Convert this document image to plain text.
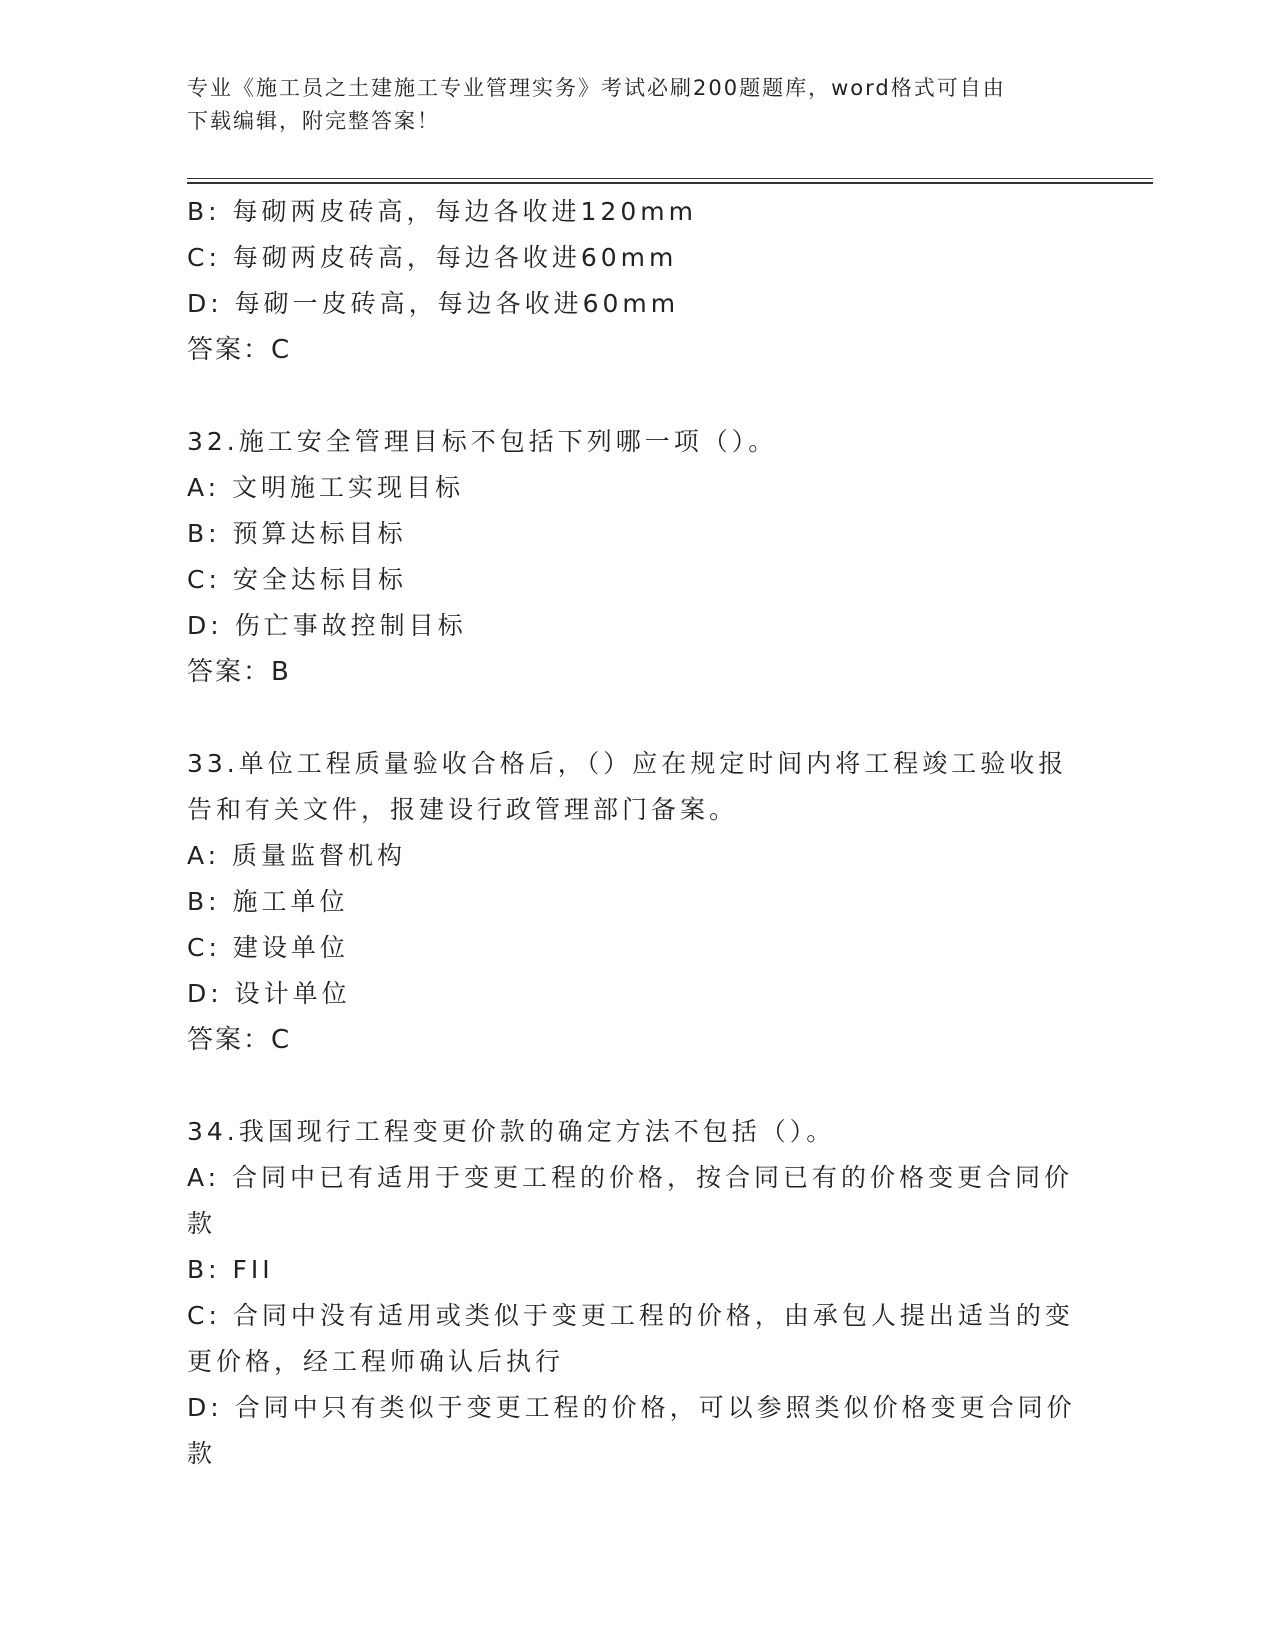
专业《施工员之土建施工专业管理实务》考试必刷200题题库，word格式可自由
下载编辑，附完整答案！
B: 每砌两皮砖高，每边各收进120mm
C: 每砌两皮砖高，每边各收进60mm
D: 每砌一皮砖高，每边各收进60mm
答案：C
32.施工安全管理目标不包括下列哪一项（）。
A: 文明施工实现目标
B: 预算达标目标
C: 安全达标目标
D: 伤亡事故控制目标
答案：B
33.单位工程质量验收合格后，（）应在规定时间内将工程竣工验收报
告和有关文件，报建设行政管理部门备案。
A: 质量监督机构
B: 施工单位
C: 建设单位
D: 设计单位
答案：C
34.我国现行工程变更价款的确定方法不包括（）。
A: 合同中已有适用于变更工程的价格，按合同已有的价格变更合同价
款
B: FII
C: 合同中没有适用或类似于变更工程的价格，由承包人提出适当的变
更价格，经工程师确认后执行
D: 合同中只有类似于变更工程的价格，可以参照类似价格变更合同价
款
